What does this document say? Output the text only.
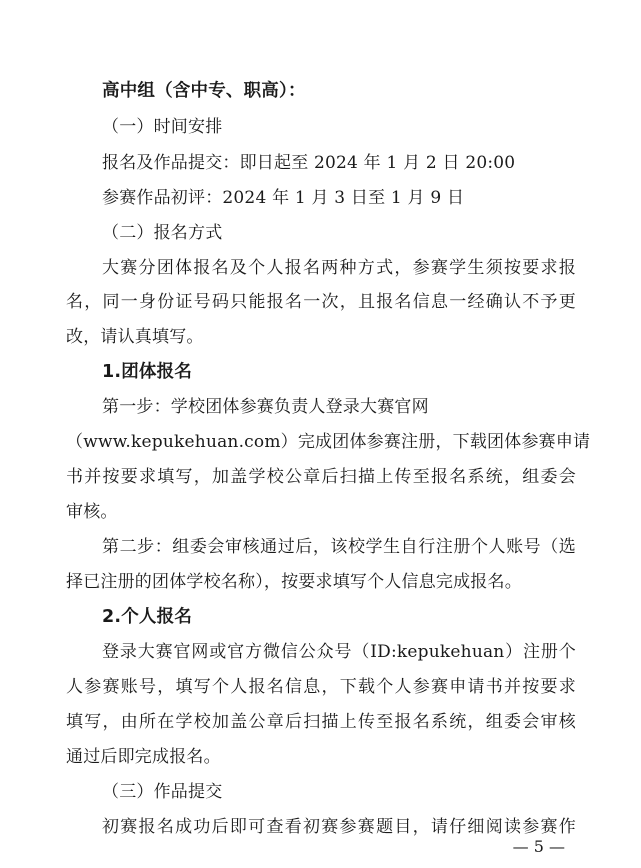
高中组（含中专、职高）：
（一）时间安排
报名及作品提交：即日起至 2024 年 1 月 2 日 20:00
参赛作品初评：2024 年 1 月 3 日至 1 月 9 日
（二）报名方式
大赛分团体报名及个人报名两种方式，参赛学生须按要求报
名，同一身份证号码只能报名一次，且报名信息一经确认不予更
改，请认真填写。
1.团体报名
第一步：学校团体参赛负责人登录大赛官网
（www.kepukehuan.com）完成团体参赛注册，下载团体参赛申请
书并按要求填写，加盖学校公章后扫描上传至报名系统，组委会
审核。
第二步：组委会审核通过后，该校学生自行注册个人账号（选
择已注册的团体学校名称），按要求填写个人信息完成报名。
2.个人报名
登录大赛官网或官方微信公众号（ID:kepukehuan）注册个
人参赛账号，填写个人报名信息，下载个人参赛申请书并按要求
填写，由所在学校加盖公章后扫描上传至报名系统，组委会审核
通过后即完成报名。
（三）作品提交
初赛报名成功后即可查看初赛参赛题目，请仔细阅读参赛作
— 5 —
